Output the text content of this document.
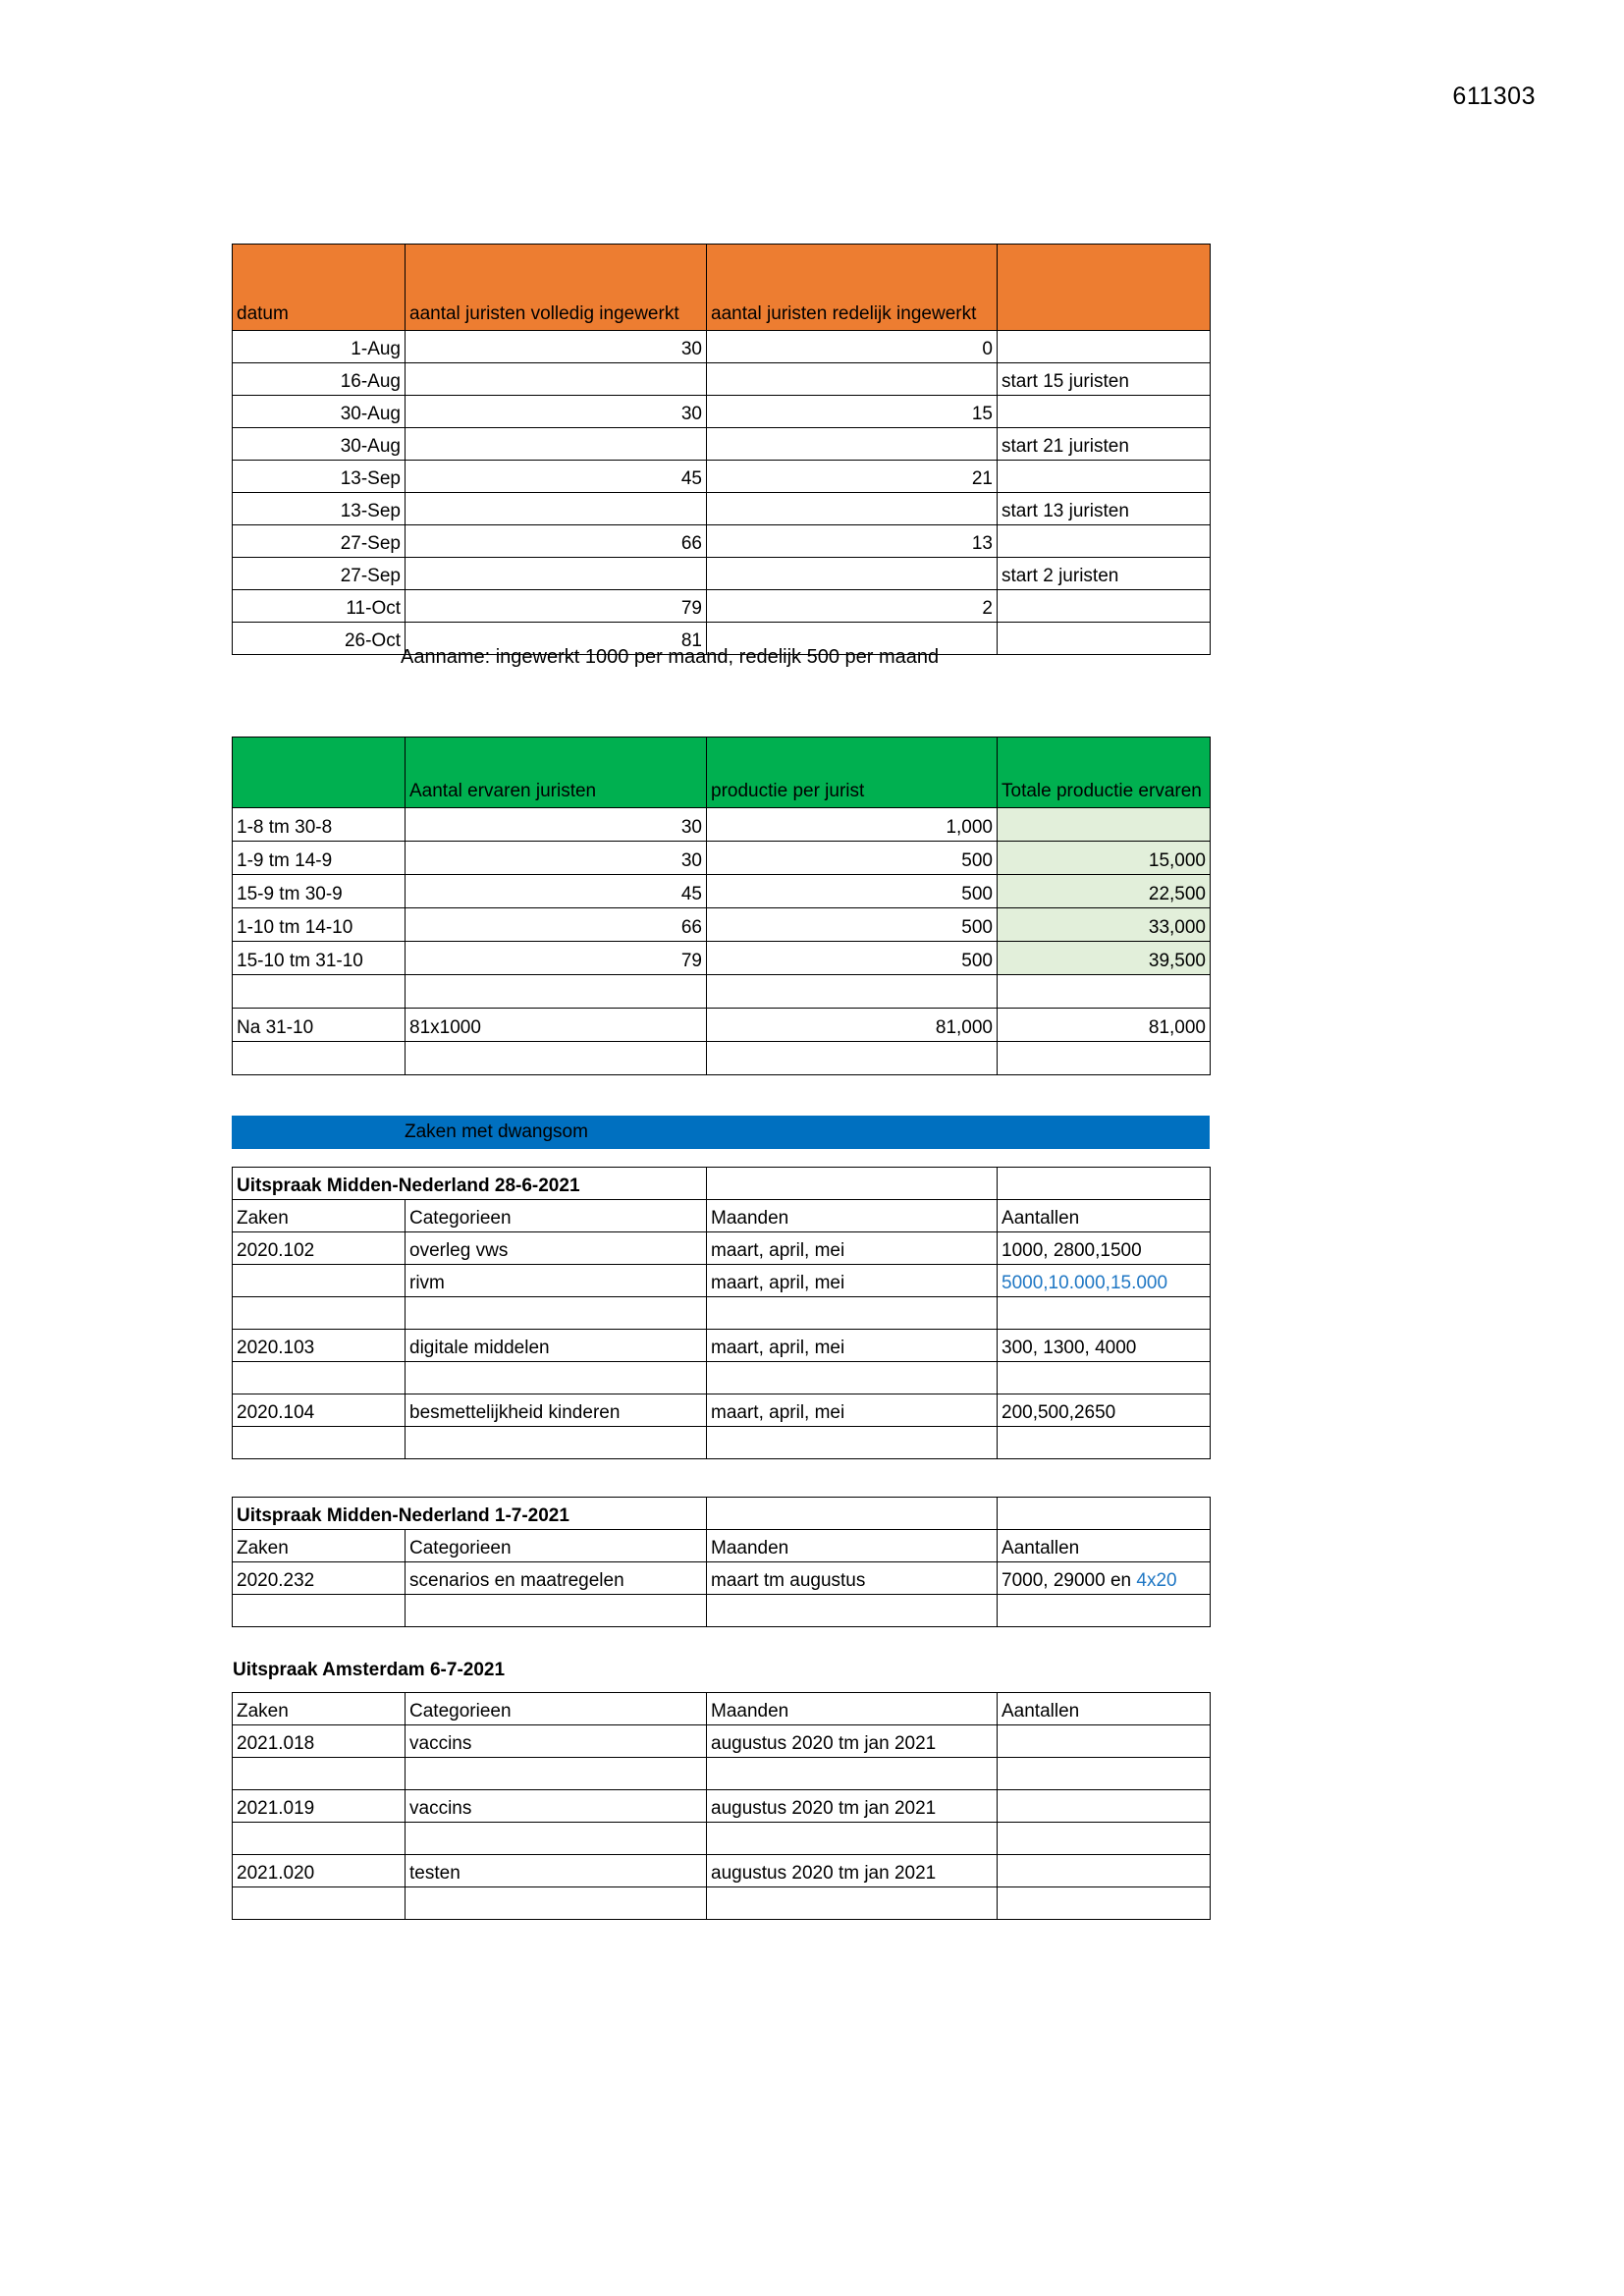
611303
datum	aantal juristen volledig ingewerkt	aantal juristen redelijk ingewerkt	
1-Aug	30	0	
16-Aug			start 15 juristen
30-Aug	30	15	
30-Aug			start 21 juristen
13-Sep	45	21	
13-Sep			start 13 juristen
27-Sep	66	13	
27-Sep			start 2 juristen
11-Oct	79	2	
26-Oct	81		
Aanname: ingewerkt 1000 per maand, redelijk 500 per maand
	Aantal ervaren juristen	productie per jurist	Totale productie ervaren
1-8 tm 30-8	30	1,000	
1-9 tm 14-9	30	500	15,000
15-9 tm 30-9	45	500	22,500
1-10 tm 14-10	66	500	33,000
15-10 tm 31-10	79	500	39,500

Na 31-10	81x1000	81,000	81,000

Zaken met dwangsom
Uitspraak Midden-Nederland 28-6-2021			
Zaken	Categorieen	Maanden	Aantallen
2020.102	overleg vws	maart, april, mei	1000, 2800,1500
	rivm	maart, april, mei	5000,10.000,15.000

2020.103	digitale middelen	maart, april, mei	300, 1300, 4000

2020.104	besmettelijkheid kinderen	maart, april, mei	200,500,2650

Uitspraak Midden-Nederland 1-7-2021			
Zaken	Categorieen	Maanden	Aantallen
2020.232	scenarios en maatregelen	maart tm augustus	7000, 29000 en 4x20

Uitspraak Amsterdam 6-7-2021
Zaken	Categorieen	Maanden	Aantallen
2021.018	vaccins	augustus 2020 tm jan 2021	

2021.019	vaccins	augustus 2020 tm jan 2021	

2021.020	testen	augustus 2020 tm jan 2021	
